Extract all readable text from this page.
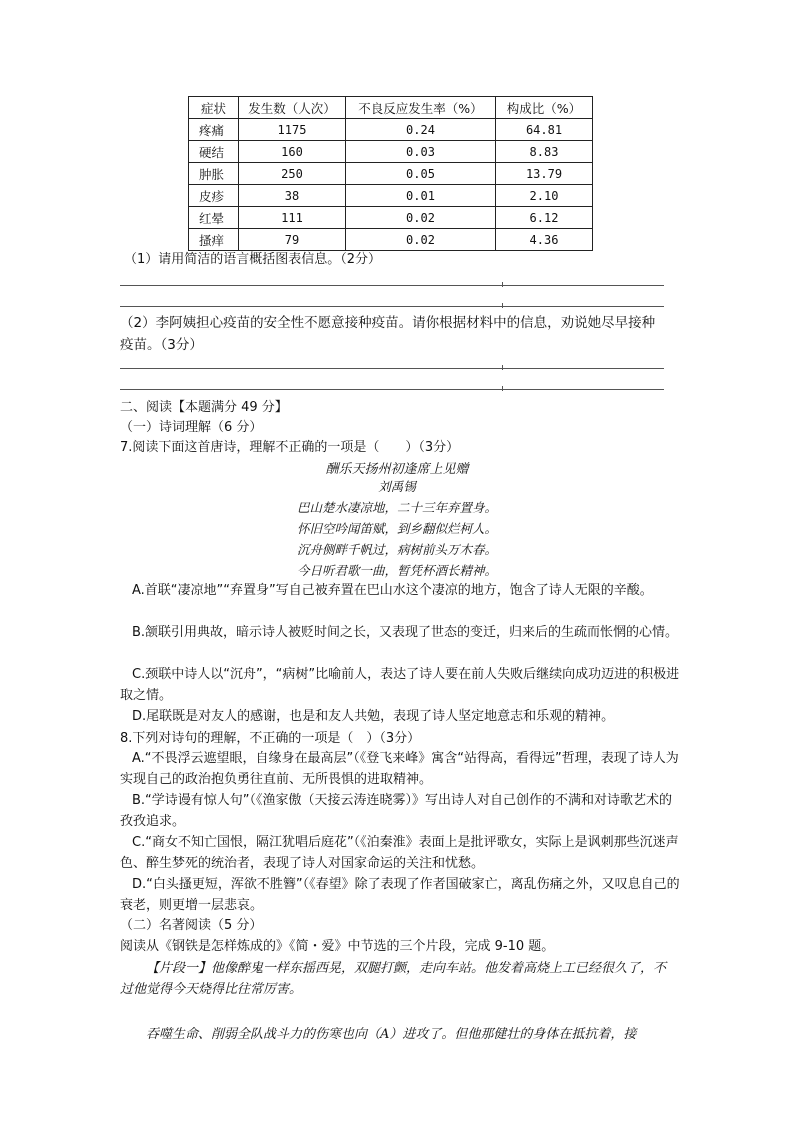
症状	发生数（人次）	不良反应发生率（%）	构成比（%）
疼痛	1175	0.24	64.81
硬结	160	0.03	8.83
肿胀	250	0.05	13.79
皮疹	38	0.01	2.10
红晕	111	0.02	6.12
搔痒	79	0.02	4.36
（1）请用简洁的语言概括图表信息。（2分）
（2）李阿姨担心疫苗的安全性不愿意接种疫苗。请你根据材料中的信息，劝说她尽早接种疫苗。（3分）
二、阅读【本题满分 49 分】
（一）诗词理解（6 分）
7.阅读下面这首唐诗，理解不正确的一项是（　　）（3分）
酬乐天扬州初逢席上见赠
刘禹锡
巴山楚水凄凉地，二十三年弃置身。
怀旧空吟闻笛赋，到乡翻似烂柯人。
沉舟侧畔千帆过，病树前头万木春。
今日听君歌一曲，暂凭杯酒长精神。
A.首联“凄凉地”“弃置身”写自己被弃置在巴山水这个凄凉的地方，饱含了诗人无限的辛酸。
B.颔联引用典故，暗示诗人被贬时间之长，又表现了世态的变迁，归来后的生疏而怅惘的心情。
C.颈联中诗人以“沉舟”，“病树”比喻前人，表达了诗人要在前人失败后继续向成功迈进的积极进取之情。
D.尾联既是对友人的感谢，也是和友人共勉，表现了诗人坚定地意志和乐观的精神。
8.下列对诗句的理解，不正确的一项是（　）（3分）
A.“不畏浮云遮望眼，自缘身在最高层”（《登飞来峰》寓含“站得高，看得远”哲理，表现了诗人为实现自己的政治抱负勇往直前、无所畏惧的进取精神。
B.“学诗谩有惊人句”（《渔家傲（天接云涛连晓雾）》写出诗人对自己创作的不满和对诗歌艺术的孜孜追求。
C.“商女不知亡国恨，隔江犹唱后庭花”（《泊秦淮》表面上是批评歌女，实际上是讽刺那些沉迷声色、醉生梦死的统治者，表现了诗人对国家命运的关注和忧愁。
D.“白头搔更短，浑欲不胜簪”（《春望》除了表现了作者国破家亡，离乱伤痛之外，又叹息自己的衰老，则更增一层悲哀。
（二）名著阅读（5 分）
阅读从《钢铁是怎样炼成的》《简・爱》中节选的三个片段，完成 9-10 题。
【片段一】他像醉鬼一样东摇西晃，双腿打颤，走向车站。他发着高烧上工已经很久了，不过他觉得今天烧得比往常厉害。
吞噬生命、削弱全队战斗力的伤寒也向（A）进攻了。但他那健壮的身体在抵抗着，接
